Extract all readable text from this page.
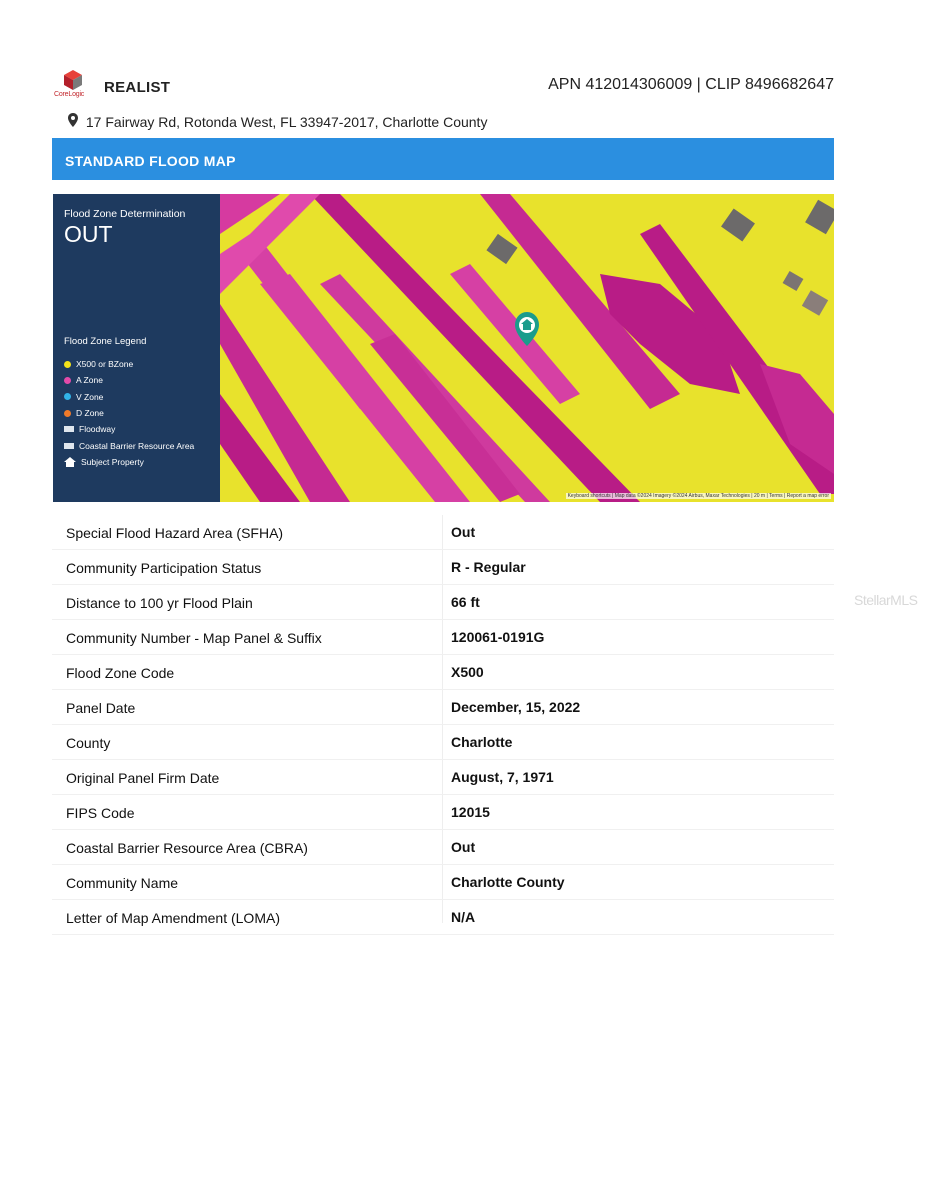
CoreLogic REALIST	APN 412014306009 | CLIP 8496682647
17 Fairway Rd, Rotonda West, FL 33947-2017, Charlotte County
STANDARD FLOOD MAP
Flood Zone Determination
OUT
Flood Zone Legend
X500 or BZone
A Zone
V Zone
D Zone
Floodway
Coastal Barrier Resource Area
Subject Property
Keyboard shortcuts | Map data ©2024 Imagery ©2024 Airbus, Maxar Technologies | 20 m | Terms | Report a map error
Special Flood Hazard Area (SFHA)	Out
Community Participation Status	R - Regular
Distance to 100 yr Flood Plain	66 ft
Community Number - Map Panel & Suffix	120061-0191G
Flood Zone Code	X500
Panel Date	December, 15, 2022
County	Charlotte
Original Panel Firm Date	August, 7, 1971
FIPS Code	12015
Coastal Barrier Resource Area (CBRA)	Out
Community Name	Charlotte County
Letter of Map Amendment (LOMA)	N/A
StellarMLS
